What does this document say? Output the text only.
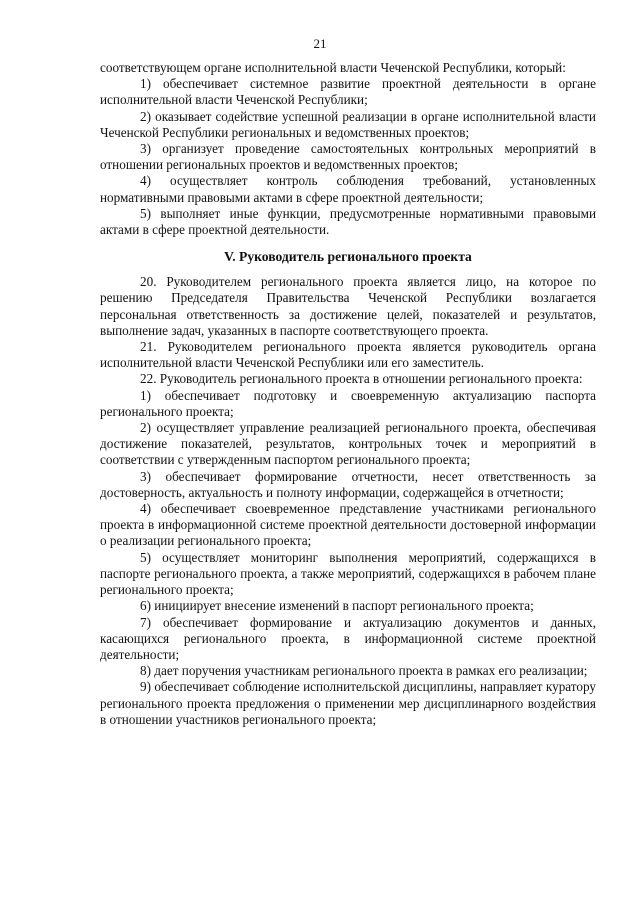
21

соответствующем органе исполнительной власти Чеченской Республики, который:

1) обеспечивает системное развитие проектной деятельности в органе исполнительной власти Чеченской Республики;

2) оказывает содействие успешной реализации в органе исполнительной власти Чеченской Республики региональных и ведомственных проектов;

3) организует проведение самостоятельных контрольных мероприятий в отношении региональных проектов и ведомственных проектов;

4) осуществляет контроль соблюдения требований, установленных нормативными правовыми актами в сфере проектной деятельности;

5) выполняет иные функции, предусмотренные нормативными правовыми актами в сфере проектной деятельности.

V. Руководитель регионального проекта

20. Руководителем регионального проекта является лицо, на которое по решению Председателя Правительства Чеченской Республики возлагается персональная ответственность за достижение целей, показателей и результатов, выполнение задач, указанных в паспорте соответствующего проекта.

21. Руководителем регионального проекта является руководитель органа исполнительной власти Чеченской Республики или его заместитель.

22. Руководитель регионального проекта в отношении регионального проекта:

1) обеспечивает подготовку и своевременную актуализацию паспорта регионального проекта;

2) осуществляет управление реализацией регионального проекта, обеспечивая достижение показателей, результатов, контрольных точек и мероприятий в соответствии с утвержденным паспортом регионального проекта;

3) обеспечивает формирование отчетности, несет ответственность за достоверность, актуальность и полноту информации, содержащейся в отчетности;

4) обеспечивает своевременное представление участниками регионального проекта в информационной системе проектной деятельности достоверной информации о реализации регионального проекта;

5) осуществляет мониторинг выполнения мероприятий, содержащихся в паспорте регионального проекта, а также мероприятий, содержащихся в рабочем плане регионального проекта;

6) инициирует внесение изменений в паспорт регионального проекта;

7) обеспечивает формирование и актуализацию документов и данных, касающихся регионального проекта, в информационной системе проектной деятельности;

8) дает поручения участникам регионального проекта в рамках его реализации;

9) обеспечивает соблюдение исполнительской дисциплины, направляет куратору регионального проекта предложения о применении мер дисциплинарного воздействия в отношении участников регионального проекта;
